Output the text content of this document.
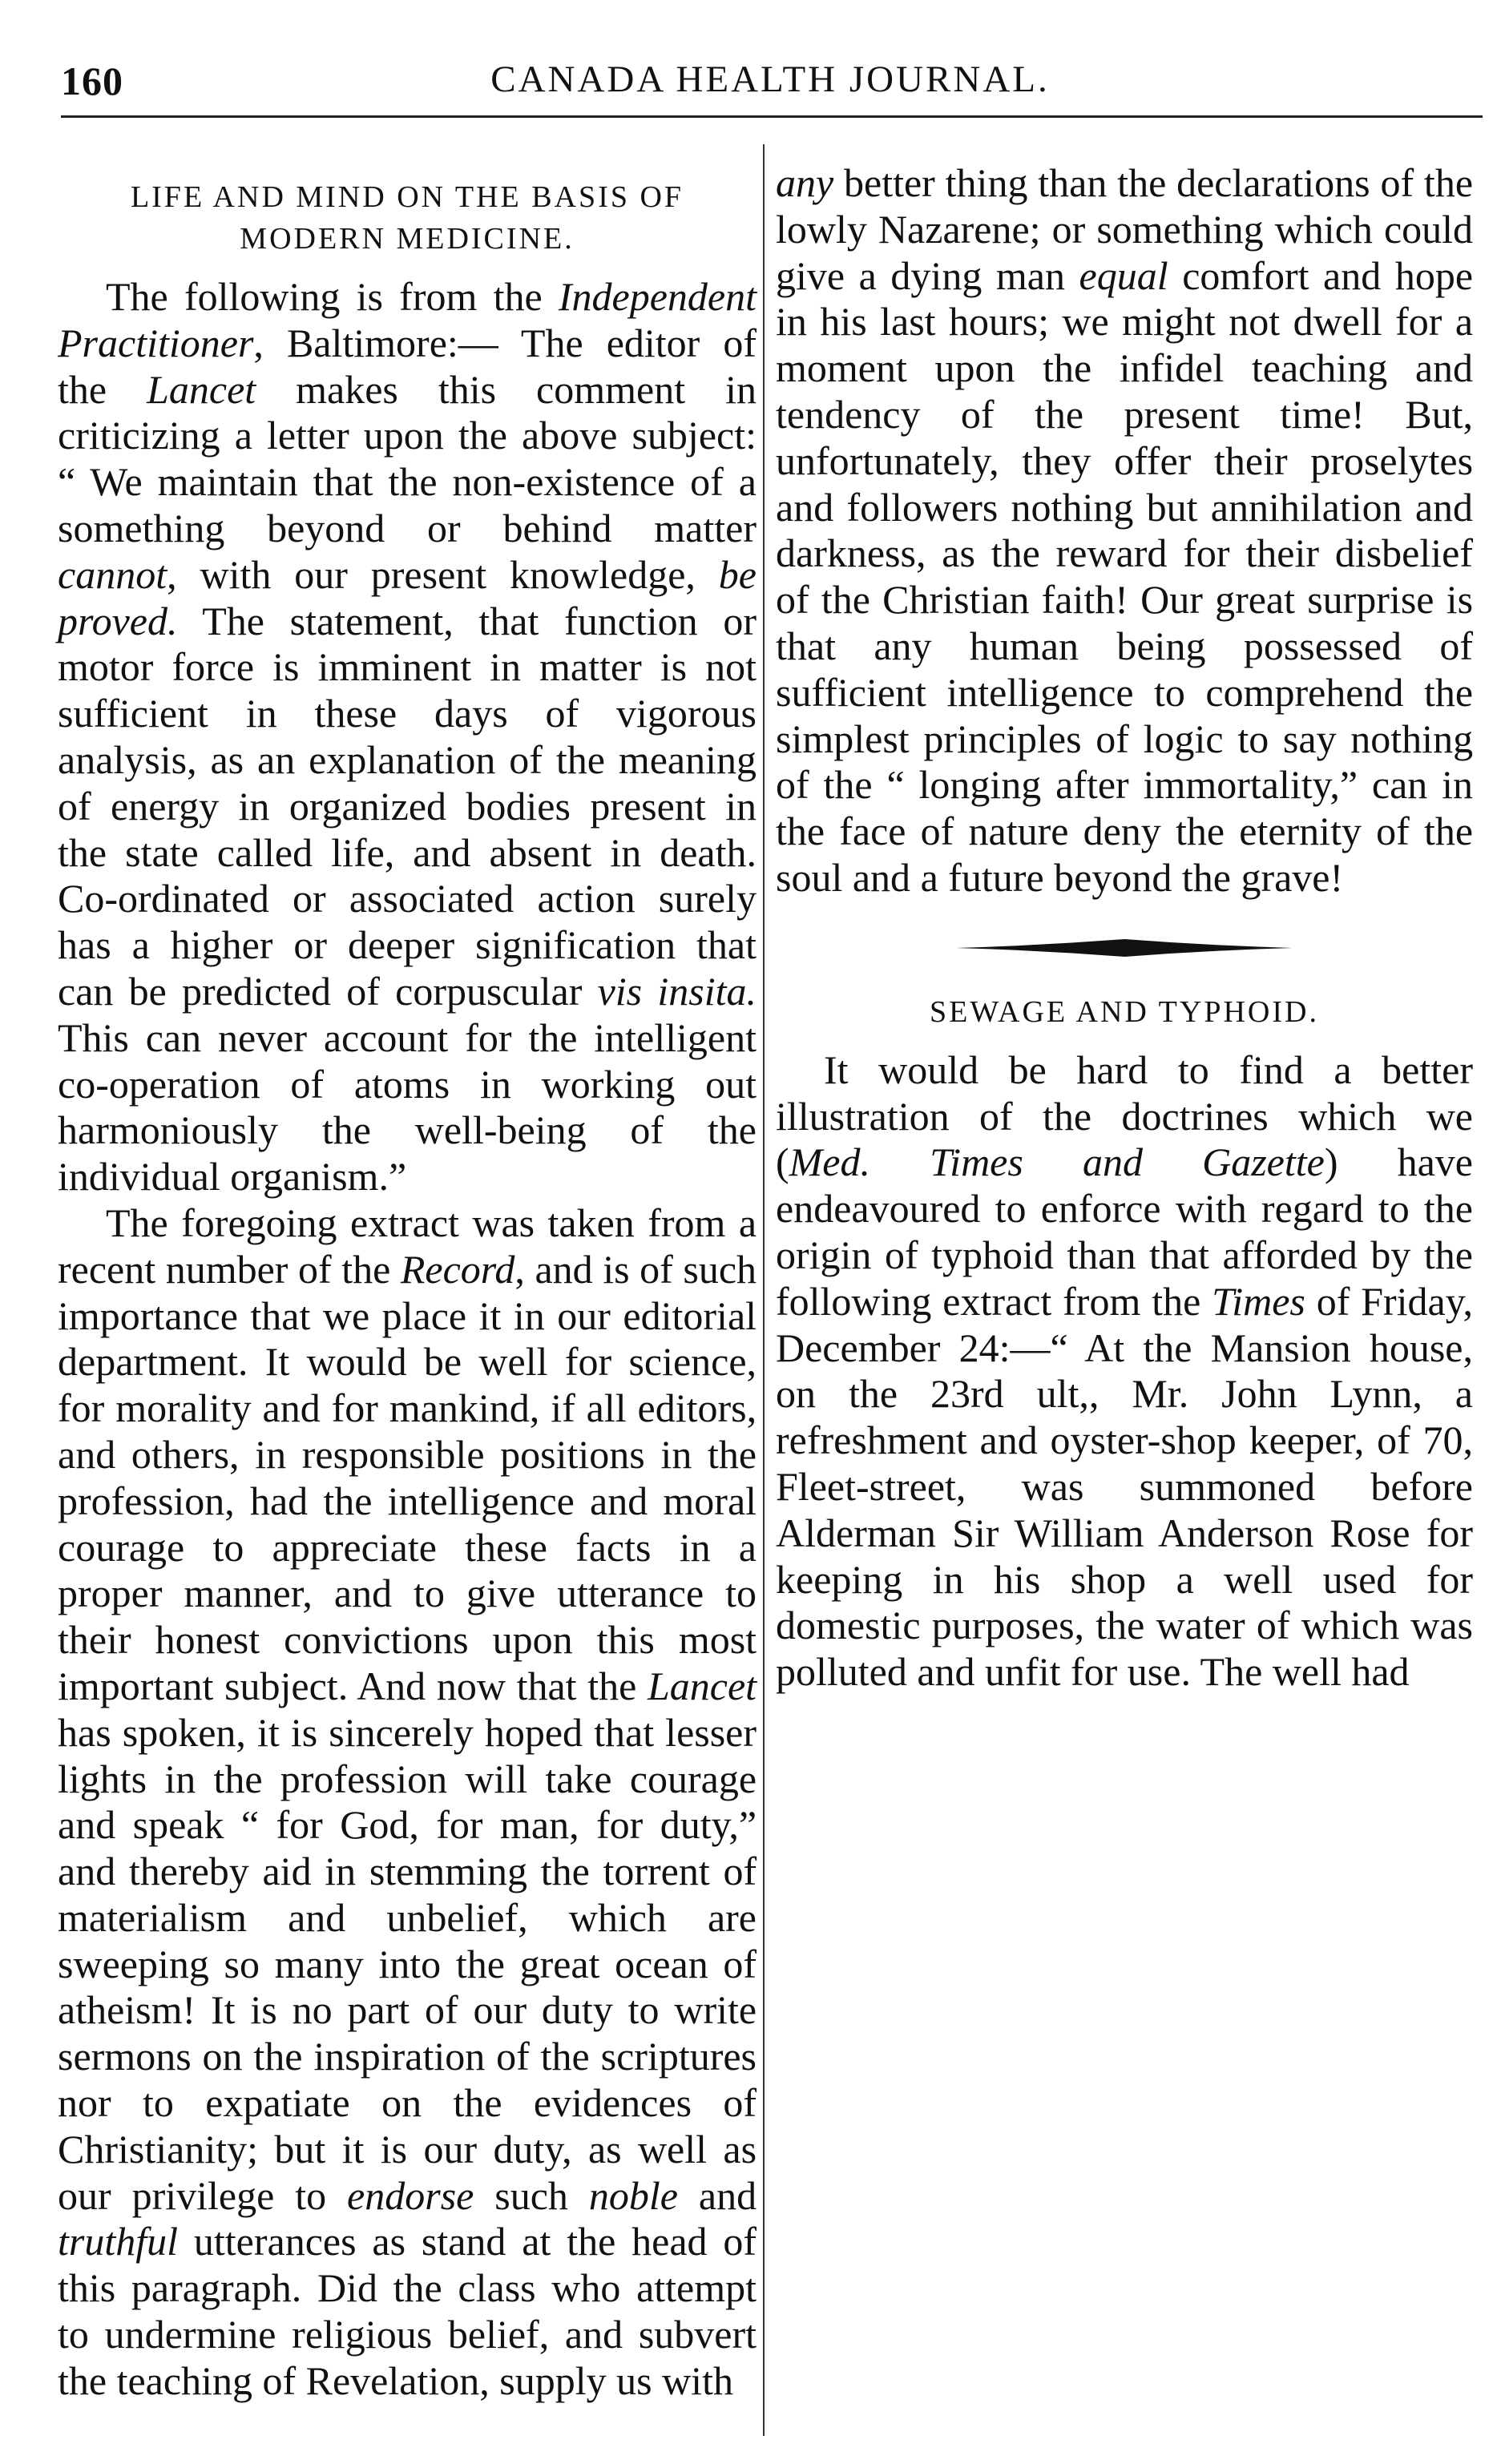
160	CANADA HEALTH JOURNAL.
LIFE AND MIND ON THE BASIS OF MODERN MEDICINE.

The following is from the Independent Practitioner, Baltimore:— The editor of the Lancet makes this comment in criticizing a letter upon the above subject: “ We maintain that the non-existence of a something beyond or behind matter cannot, with our present knowledge, be proved. The statement, that function or motor force is imminent in matter is not sufficient in these days of vigorous analysis, as an explanation of the meaning of energy in organized bodies present in the state called life, and absent in death. Co-ordinated or associated action surely has a higher or deeper signification that can be predicted of corpuscular vis insita. This can never account for the intelligent co-operation of atoms in working out harmoniously the well-being of the individual organism.”

The foregoing extract was taken from a recent number of the Record, and is of such importance that we place it in our editorial department. It would be well for science, for morality and for mankind, if all editors, and others, in responsible positions in the profession, had the intelligence and moral courage to appreciate these facts in a proper manner, and to give utterance to their honest convictions upon this most important subject. And now that the Lancet has spoken, it is sincerely hoped that lesser lights in the profession will take courage and speak “ for God, for man, for duty,” and thereby aid in stemming the torrent of materialism and unbelief, which are sweeping so many into the great ocean of atheism! It is no part of our duty to write sermons on the inspiration of the scriptures nor to expatiate on the evidences of Christianity; but it is our duty, as well as our privilege to endorse such noble and truthful utterances as stand at the head of this paragraph. Did the class who attempt to undermine religious belief, and subvert the teaching of Revelation, supply us with

any better thing than the declarations of the lowly Nazarene; or something which could give a dying man equal comfort and hope in his last hours; we might not dwell for a moment upon the infidel teaching and tendency of the present time! But, unfortunately, they offer their proselytes and followers nothing but annihilation and darkness, as the reward for their disbelief of the Christian faith! Our great surprise is that any human being possessed of sufficient intelligence to comprehend the simplest principles of logic to say nothing of the “ longing after immortality,” can in the face of nature deny the eternity of the soul and a future beyond the grave!

SEWAGE AND TYPHOID.

It would be hard to find a better illustration of the doctrines which we (Med. Times and Gazette) have endeavoured to enforce with regard to the origin of typhoid than that afforded by the following extract from the Times of Friday, December 24:—“ At the Mansion house, on the 23rd ult,, Mr. John Lynn, a refreshment and oyster-shop keeper, of 70, Fleet-street, was summoned before Alderman Sir William Anderson Rose for keeping in his shop a well used for domestic purposes, the water of which was polluted and unfit for use. The well had
